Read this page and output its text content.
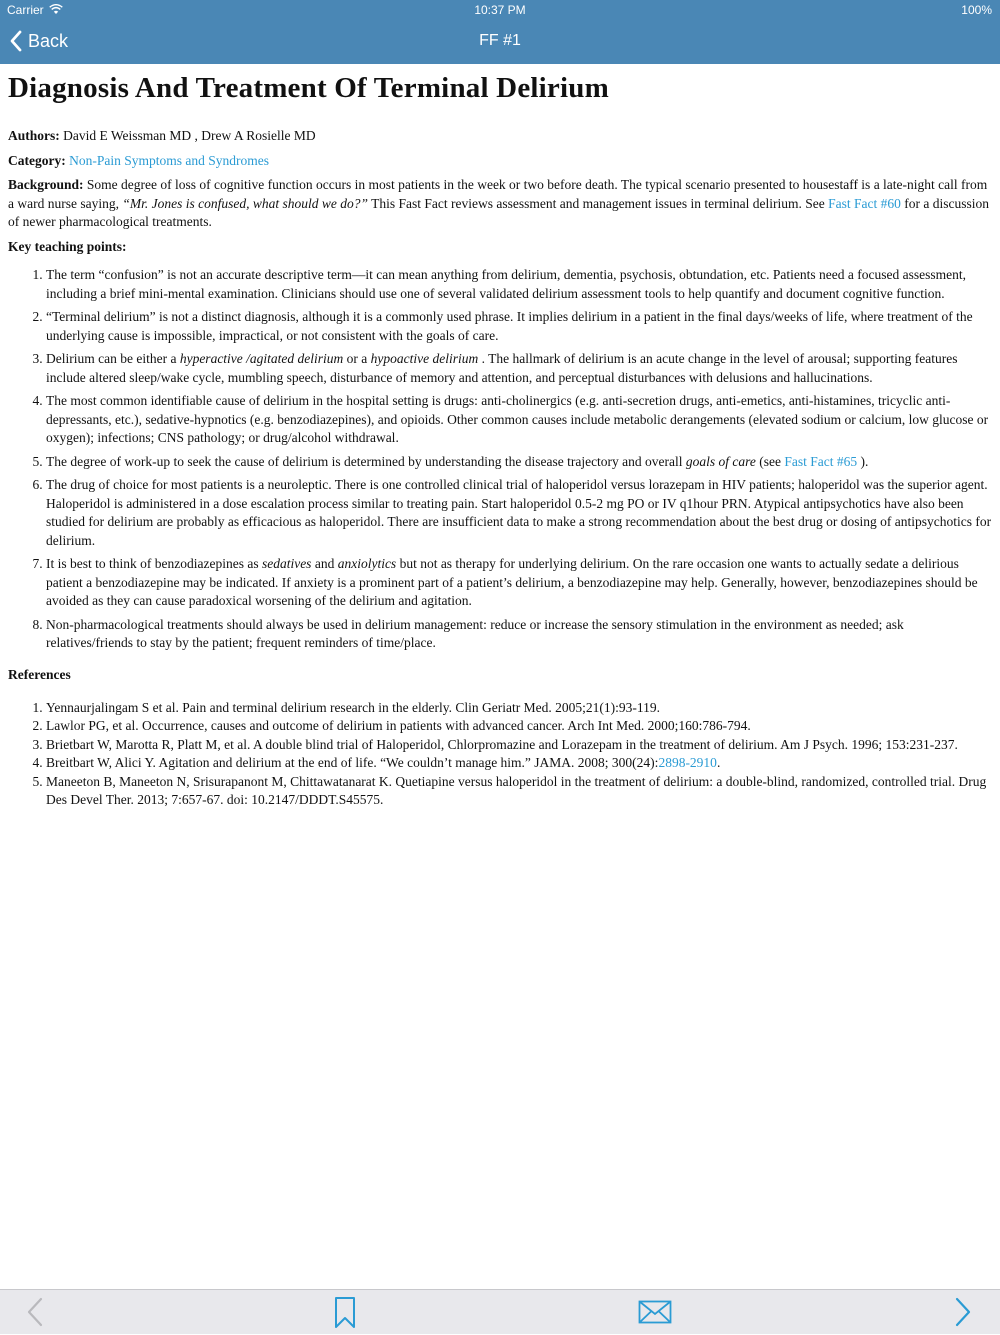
Carrier	10:37 PM	100%
Back	FF #1
Diagnosis And Treatment Of Terminal Delirium

Authors: David E Weissman MD , Drew A Rosielle MD

Category: Non-Pain Symptoms and Syndromes

Background: Some degree of loss of cognitive function occurs in most patients in the week or two before death. The typical scenario presented to housestaff is a late-night call from a ward nurse saying, “Mr. Jones is confused, what should we do?” This Fast Fact reviews assessment and management issues in terminal delirium. See Fast Fact #60 for a discussion of newer pharmacological treatments.

Key teaching points:

1. The term “confusion” is not an accurate descriptive term—it can mean anything from delirium, dementia, psychosis, obtundation, etc. Patients need a focused assessment, including a brief mini-mental examination. Clinicians should use one of several validated delirium assessment tools to help quantify and document cognitive function.
2. “Terminal delirium” is not a distinct diagnosis, although it is a commonly used phrase. It implies delirium in a patient in the final days/weeks of life, where treatment of the underlying cause is impossible, impractical, or not consistent with the goals of care.
3. Delirium can be either a hyperactive /agitated delirium or a hypoactive delirium . The hallmark of delirium is an acute change in the level of arousal; supporting features include altered sleep/wake cycle, mumbling speech, disturbance of memory and attention, and perceptual disturbances with delusions and hallucinations.
4. The most common identifiable cause of delirium in the hospital setting is drugs: anti-cholinergics (e.g. anti-secretion drugs, anti-emetics, anti-histamines, tricyclic anti-depressants, etc.), sedative-hypnotics (e.g. benzodiazepines), and opioids. Other common causes include metabolic derangements (elevated sodium or calcium, low glucose or oxygen); infections; CNS pathology; or drug/alcohol withdrawal.
5. The degree of work-up to seek the cause of delirium is determined by understanding the disease trajectory and overall goals of care (see Fast Fact #65 ).
6. The drug of choice for most patients is a neuroleptic. There is one controlled clinical trial of haloperidol versus lorazepam in HIV patients; haloperidol was the superior agent. Haloperidol is administered in a dose escalation process similar to treating pain. Start haloperidol 0.5-2 mg PO or IV q1hour PRN. Atypical antipsychotics have also been studied for delirium are probably as efficacious as haloperidol. There are insufficient data to make a strong recommendation about the best drug or dosing of antipsychotics for delirium.
7. It is best to think of benzodiazepines as sedatives and anxiolytics but not as therapy for underlying delirium. On the rare occasion one wants to actually sedate a delirious patient a benzodiazepine may be indicated. If anxiety is a prominent part of a patient’s delirium, a benzodiazepine may help. Generally, however, benzodiazepines should be avoided as they can cause paradoxical worsening of the delirium and agitation.
8. Non-pharmacological treatments should always be used in delirium management: reduce or increase the sensory stimulation in the environment as needed; ask relatives/friends to stay by the patient; frequent reminders of time/place.
References
1. Yennaurjalingam S et al. Pain and terminal delirium research in the elderly. Clin Geriatr Med. 2005;21(1):93-119.
2. Lawlor PG, et al. Occurrence, causes and outcome of delirium in patients with advanced cancer. Arch Int Med. 2000;160:786-794.
3. Brietbart W, Marotta R, Platt M, et al. A double blind trial of Haloperidol, Chlorpromazine and Lorazepam in the treatment of delirium. Am J Psych. 1996; 153:231-237.
4. Breitbart W, Alici Y. Agitation and delirium at the end of life. “We couldn’t manage him.” JAMA. 2008; 300(24):2898-2910.
5. Maneeton B, Maneeton N, Srisurapanont M, Chittawatanarat K. Quetiapine versus haloperidol in the treatment of delirium: a double-blind, randomized, controlled trial. Drug Des Devel Ther. 2013; 7:657-67. doi: 10.2147/DDDT.S45575.
